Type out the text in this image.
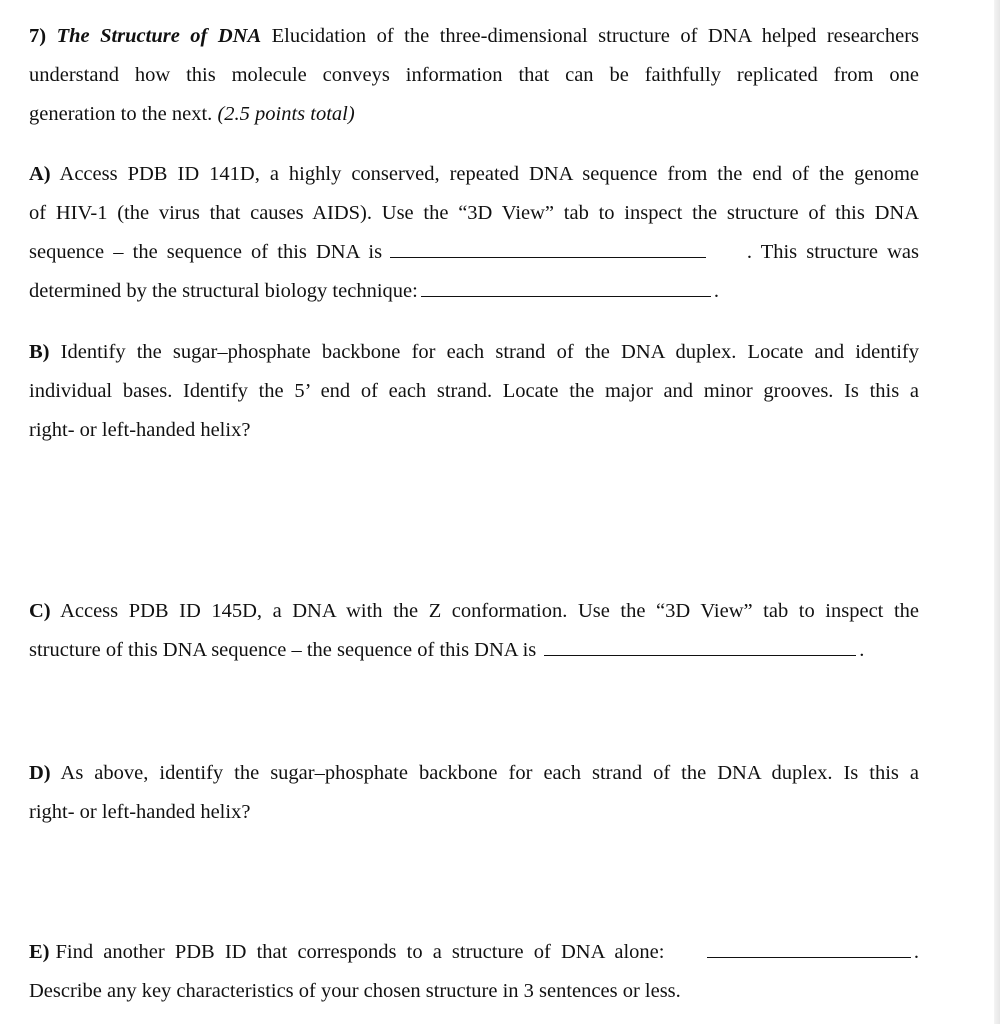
7) The Structure of DNA Elucidation of the three-dimensional structure of DNA helped researchers
understand how this molecule conveys information that can be faithfully replicated from one
generation to the next. (2.5 points total)
A) Access PDB ID 141D, a highly conserved, repeated DNA sequence from the end of the genome
of HIV-1 (the virus that causes AIDS). Use the “3D View” tab to inspect the structure of this DNA
sequence – the sequence of this DNA is	. This structure was
determined by the structural biology technique:	.
B) Identify the sugar–phosphate backbone for each strand of the DNA duplex. Locate and identify
individual bases. Identify the 5’ end of each strand. Locate the major and minor grooves. Is this a
right- or left-handed helix?
C) Access PDB ID 145D, a DNA with the Z conformation. Use the “3D View” tab to inspect the
structure of this DNA sequence – the sequence of this DNA is	.
D) As above, identify the sugar–phosphate backbone for each strand of the DNA duplex. Is this a
right- or left-handed helix?
E) Find another PDB ID that corresponds to a structure of DNA alone:	.
Describe any key characteristics of your chosen structure in 3 sentences or less.
